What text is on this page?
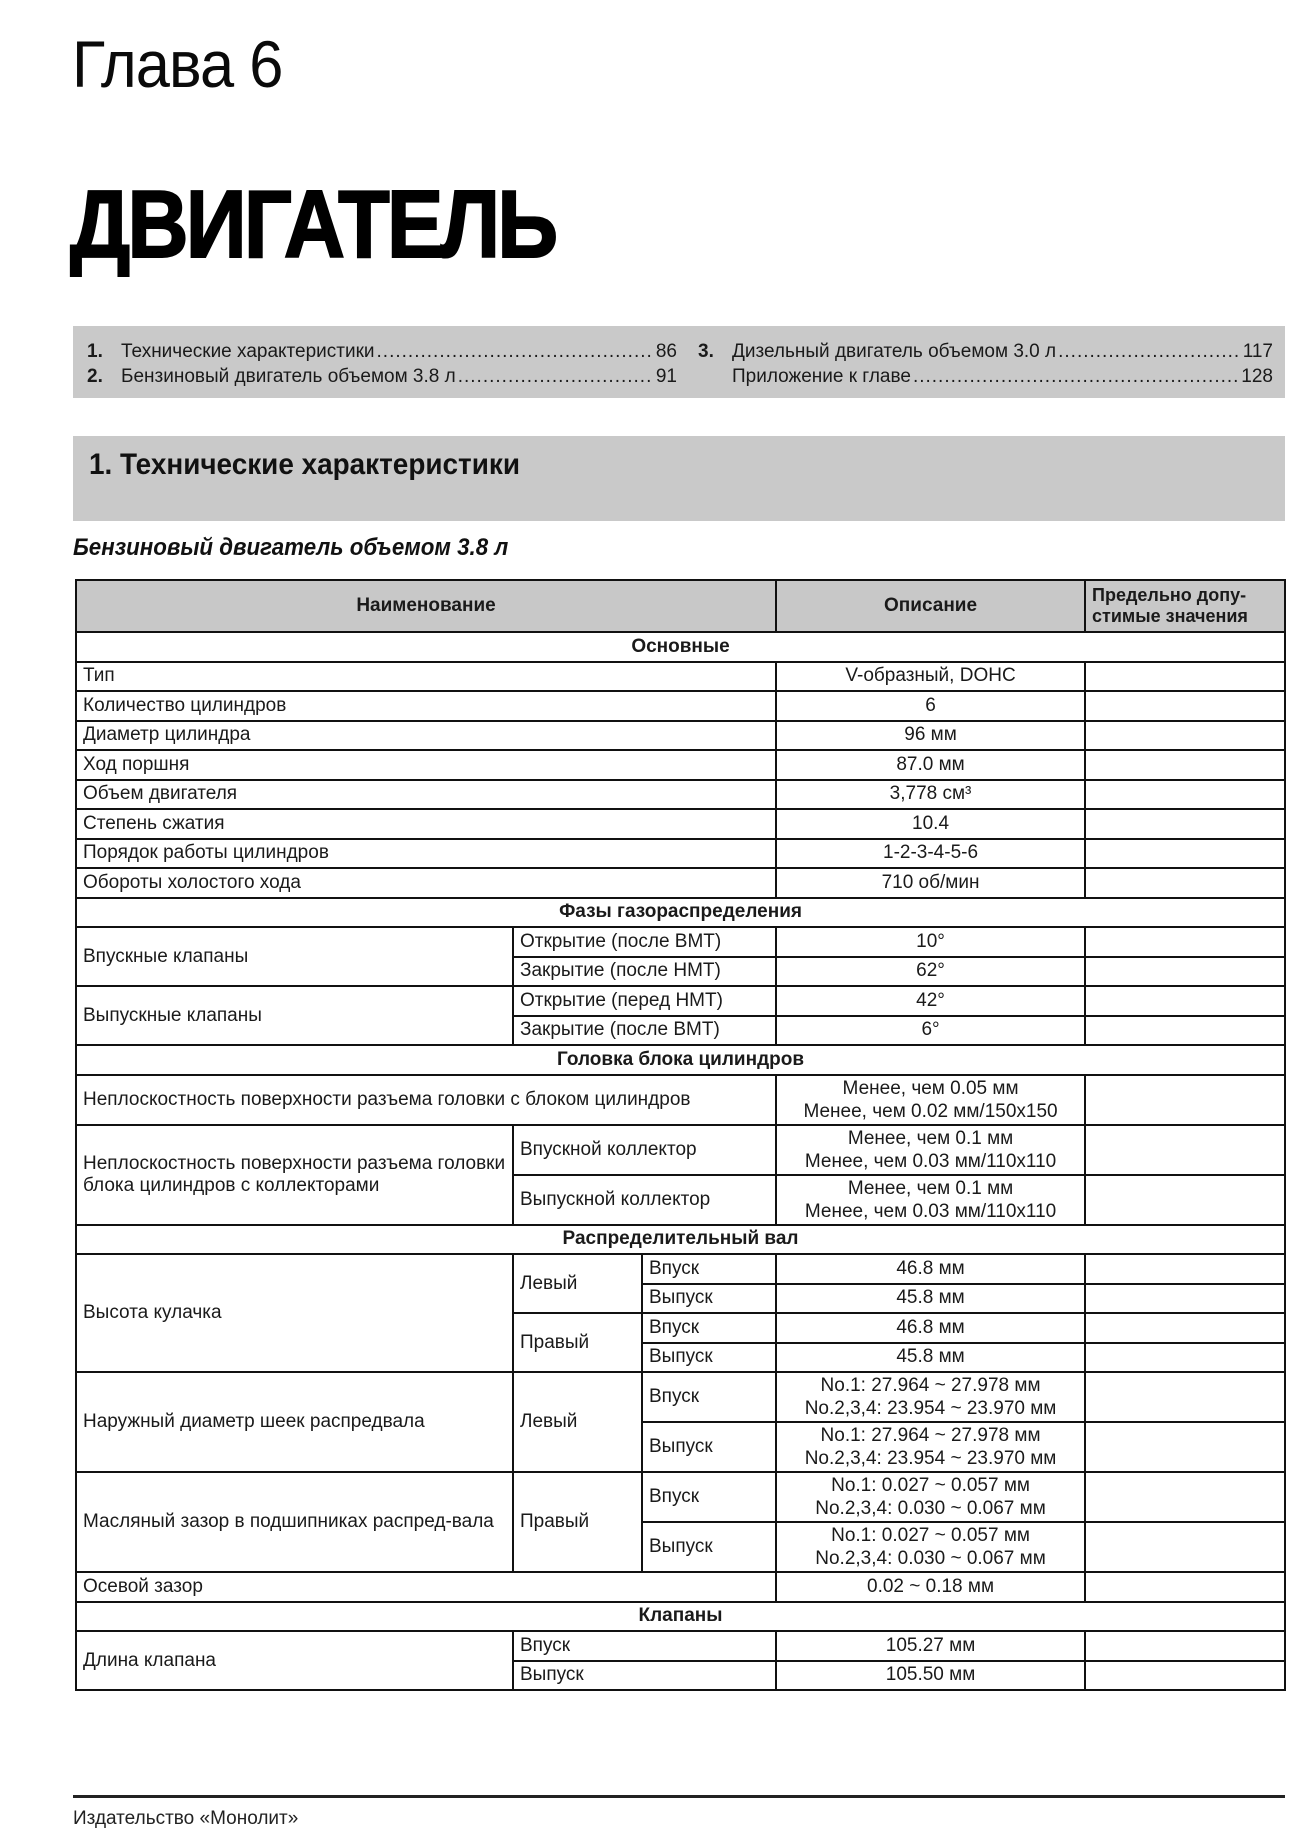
Глава 6
ДВИГАТЕЛЬ
1. Технические характеристики .....	86
2. Бензиновый двигатель объемом 3.8 л .....	91
3. Дизельный двигатель объемом 3.0 л .....	117
Приложение к главе .....	128
1. Технические характеристики
Бензиновый двигатель объемом 3.8 л
Наименование			Описание	Предельно допу-
стимые значения
Основные				
Тип			V-образный, DOHC	
Количество цилиндров			6	
Диаметр цилиндра			96 мм	
Ход поршня			87.0 мм	
Объем двигателя			3,778 см³	
Степень сжатия			10.4	
Порядок работы цилиндров			1-2-3-4-5-6	
Обороты холостого хода			710 об/мин	
Фазы газораспределения				
Впускные клапаны	Открытие (после ВМТ)		10°	
	Закрытие (после НМТ)		62°	
Выпускные клапаны	Открытие (перед НМТ)		42°	
	Закрытие (после ВМТ)		6°	
Головка блока цилиндров				
Неплоскостность поверхности разъема головки с блоком цилиндров			Менее, чем 0.05 мм
Менее, чем 0.02 мм/150x150	
Неплоскостность поверхности разъема головки блока цилиндров с коллекторами	Впускной коллектор		Менее, чем 0.1 мм
Менее, чем 0.03 мм/110x110	
	Выпускной коллектор		Менее, чем 0.1 мм
Менее, чем 0.03 мм/110x110	
Распределительный вал				
Высота кулачка	Левый	Впуск	46.8 мм	
		Выпуск	45.8 мм	
	Правый	Впуск	46.8 мм	
		Выпуск	45.8 мм	
Наружный диаметр шеек распредвала	Левый	Впуск	No.1: 27.964 ~ 27.978 мм
No.2,3,4: 23.954 ~ 23.970 мм	
		Выпуск	No.1: 27.964 ~ 27.978 мм
No.2,3,4: 23.954 ~ 23.970 мм	
Масляный зазор в подшипниках распред-вала	Правый	Впуск	No.1: 0.027 ~ 0.057 мм
No.2,3,4: 0.030 ~ 0.067 мм	
		Выпуск	No.1: 0.027 ~ 0.057 мм
No.2,3,4: 0.030 ~ 0.067 мм	
Осевой зазор			0.02 ~ 0.18 мм	
Клапаны				
Длина клапана	Впуск		105.27 мм	
	Выпуск		105.50 мм	
Издательство «Монолит»
